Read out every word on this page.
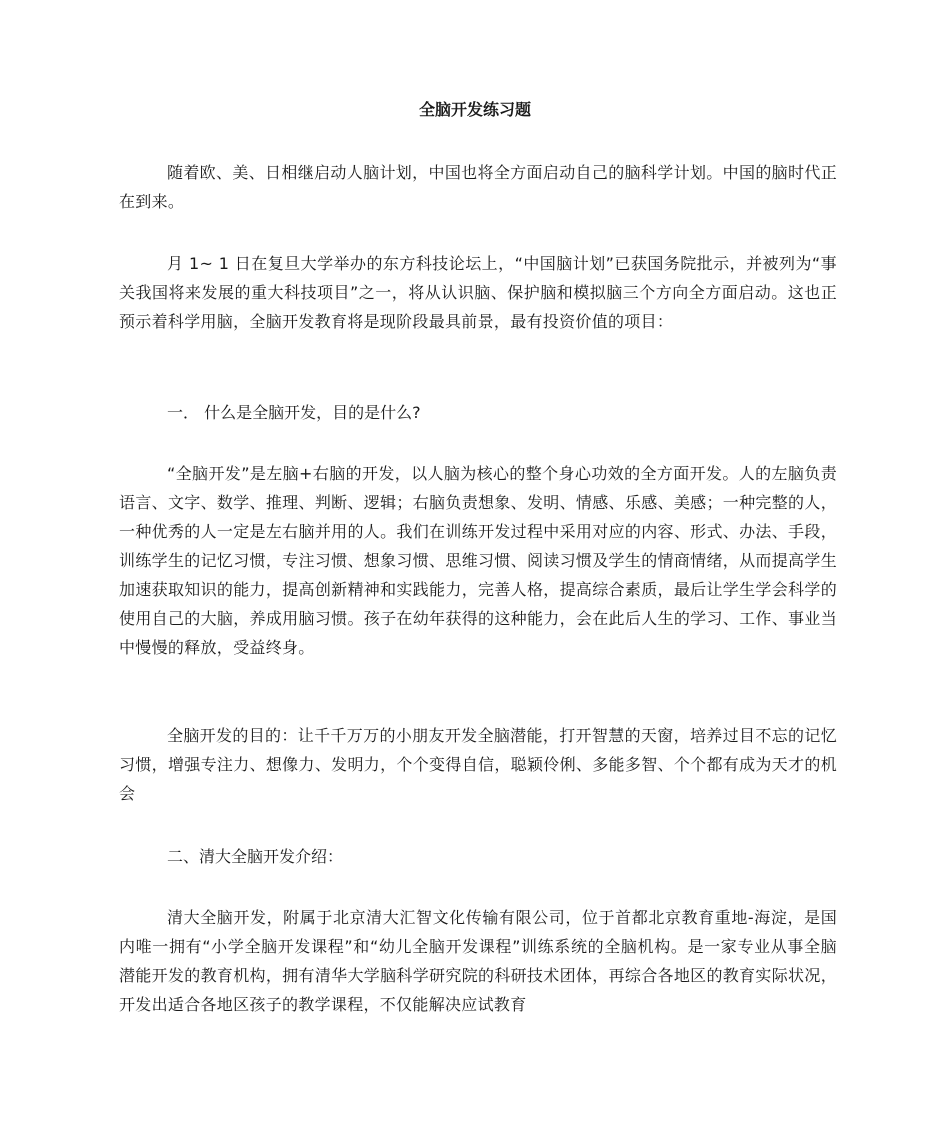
全脑开发练习题

随着欧、美、日相继启动人脑计划，中国也将全方面启动自己的脑科学计划。中国的脑时代正在到来。

月 1~ 1 日在复旦大学举办的东方科技论坛上，“中国脑计划”已获国务院批示，并被列为“事关我国将来发展的重大科技项目”之一，将从认识脑、保护脑和模拟脑三个方向全方面启动。这也正预示着科学用脑，全脑开发教育将是现阶段最具前景，最有投资价值的项目：

一． 什么是全脑开发，目的是什么?

“全脑开发”是左脑+右脑的开发，以人脑为核心的整个身心功效的全方面开发。人的左脑负责语言、文字、数学、推理、判断、逻辑；右脑负责想象、发明、情感、乐感、美感；一种完整的人，一种优秀的人一定是左右脑并用的人。我们在训练开发过程中采用对应的内容、形式、办法、手段，训练学生的记忆习惯，专注习惯、想象习惯、思维习惯、阅读习惯及学生的情商情绪，从而提高学生加速获取知识的能力，提高创新精神和实践能力，完善人格，提高综合素质，最后让学生学会科学的使用自己的大脑，养成用脑习惯。孩子在幼年获得的这种能力，会在此后人生的学习、工作、事业当中慢慢的释放，受益终身。

全脑开发的目的：让千千万万的小朋友开发全脑潜能，打开智慧的天窗，培养过目不忘的记忆习惯，增强专注力、想像力、发明力，个个变得自信，聪颖伶俐、多能多智、个个都有成为天才的机会

二、清大全脑开发介绍：

清大全脑开发，附属于北京清大汇智文化传输有限公司，位于首都北京教育重地-海淀，是国内唯一拥有“小学全脑开发课程”和“幼儿全脑开发课程”训练系统的全脑机构。是一家专业从事全脑潜能开发的教育机构，拥有清华大学脑科学研究院的科研技术团体，再综合各地区的教育实际状况，开发出适合各地区孩子的教学课程，不仅能解决应试教育
